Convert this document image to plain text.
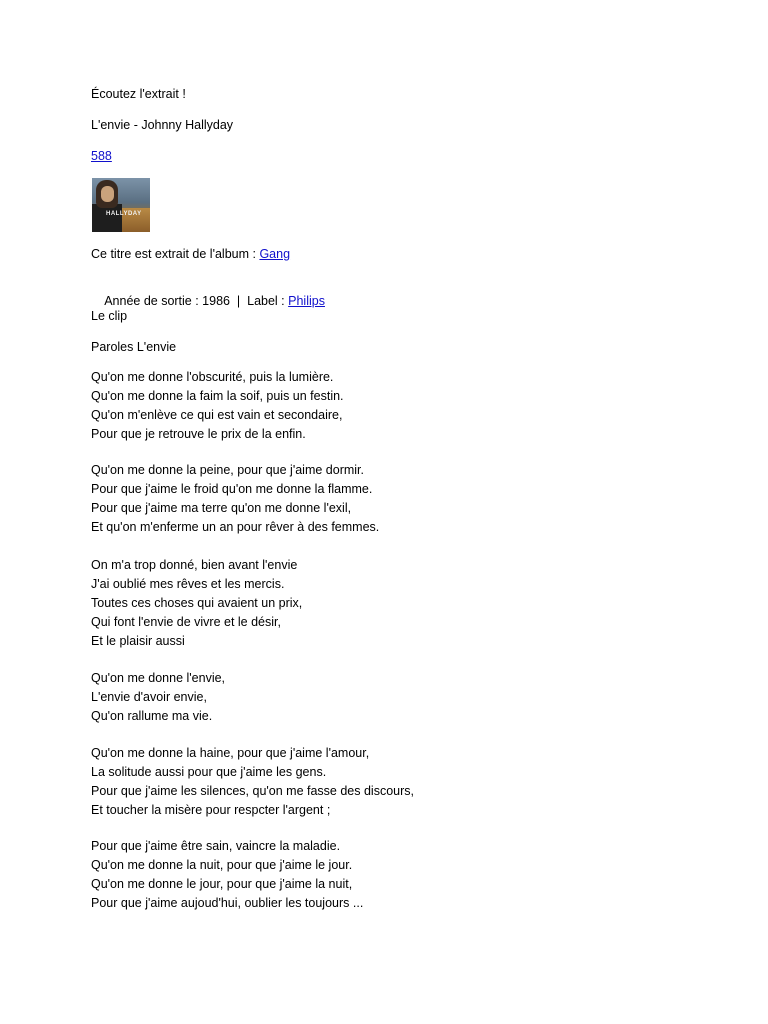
Écoutez l'extrait !
L'envie - Johnny Hallyday
588
HALLYDAY
Ce titre est extrait de l'album : Gang

Année de sortie : 1986  |  Label : Philips

Le clip
Paroles L'envie
Qu'on me donne l'obscurité, puis la lumière.
Qu'on me donne la faim la soif, puis un festin.
Qu'on m'enlève ce qui est vain et secondaire,
Pour que je retrouve le prix de la enfin.
Qu'on me donne la peine, pour que j'aime dormir.
Pour que j'aime le froid qu'on me donne la flamme.
Pour que j'aime ma terre qu'on me donne l'exil,
Et qu'on m'enferme un an pour rêver à des femmes.
On m'a trop donné, bien avant l'envie
J'ai oublié mes rêves et les mercis.
Toutes ces choses qui avaient un prix,
Qui font l'envie de vivre et le désir,
Et le plaisir aussi
Qu'on me donne l'envie,
L'envie d'avoir envie,
Qu'on rallume ma vie.
Qu'on me donne la haine, pour que j'aime l'amour,
La solitude aussi pour que j'aime les gens.
Pour que j'aime les silences, qu'on me fasse des discours,
Et toucher la misère pour respcter l'argent ;
Pour que j'aime être sain, vaincre la maladie.
Qu'on me donne la nuit, pour que j'aime le jour.
Qu'on me donne le jour, pour que j'aime la nuit,
Pour que j'aime aujoud'hui, oublier les toujours ...
